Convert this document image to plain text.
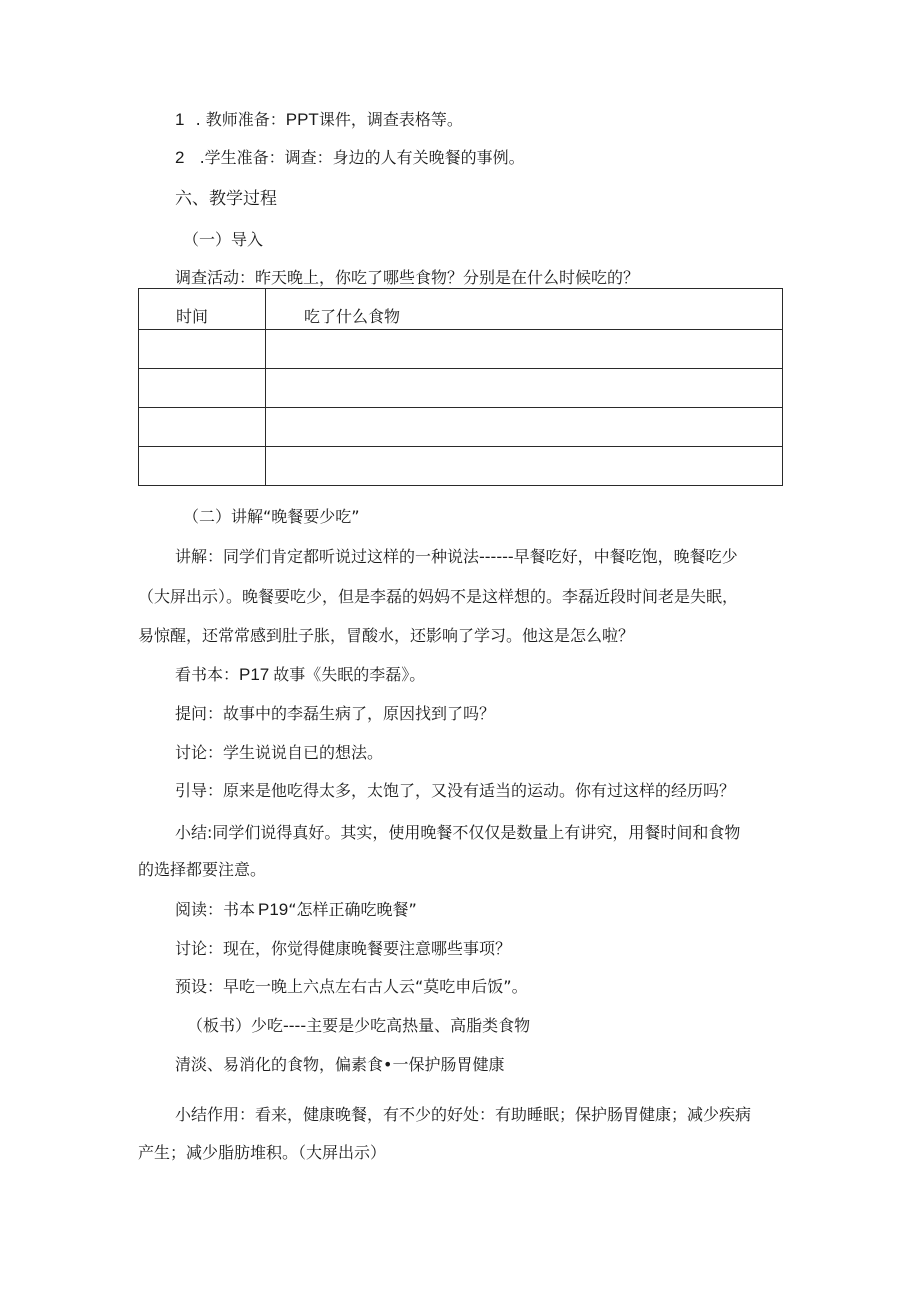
1 . 教师准备：PPT课件，调查表格等。
2 .学生准备：调查：身边的人有关晚餐的事例。
六、教学过程
（一）导入
调查活动：昨天晚上，你吃了哪些食物？分别是在什么时候吃的？
时间	吃了什么食物

（二）讲解“晚餐要少吃”
讲解：同学们肯定都听说过这样的一种说法------早餐吃好，中餐吃饱，晚餐吃少
（大屏出示）。晚餐要吃少，但是李磊的妈妈不是这样想的。李磊近段时间老是失眠，
易惊醒，还常常感到肚子胀，冒酸水，还影响了学习。他这是怎么啦？
看书本：P17 故事《失眠的李磊》。
提问：故事中的李磊生病了，原因找到了吗？
讨论：学生说说自已的想法。
引导：原来是他吃得太多，太饱了，又没有适当的运动。你有过这样的经历吗？
小结:同学们说得真好。其实，使用晚餐不仅仅是数量上有讲究，用餐时间和食物
的选择都要注意。
阅读：书本 P19“怎样正确吃晚餐”
讨论：现在，你觉得健康晚餐要注意哪些事项？
预设：早吃一晚上六点左右古人云“莫吃申后饭”。
（板书）少吃----主要是少吃高热量、高脂类食物
清淡、易消化的食物，偏素食•一保护肠胃健康
小结作用：看来，健康晚餐，有不少的好处：有助睡眠；保护肠胃健康；减少疾病
产生；减少脂肪堆积。（大屏出示）
